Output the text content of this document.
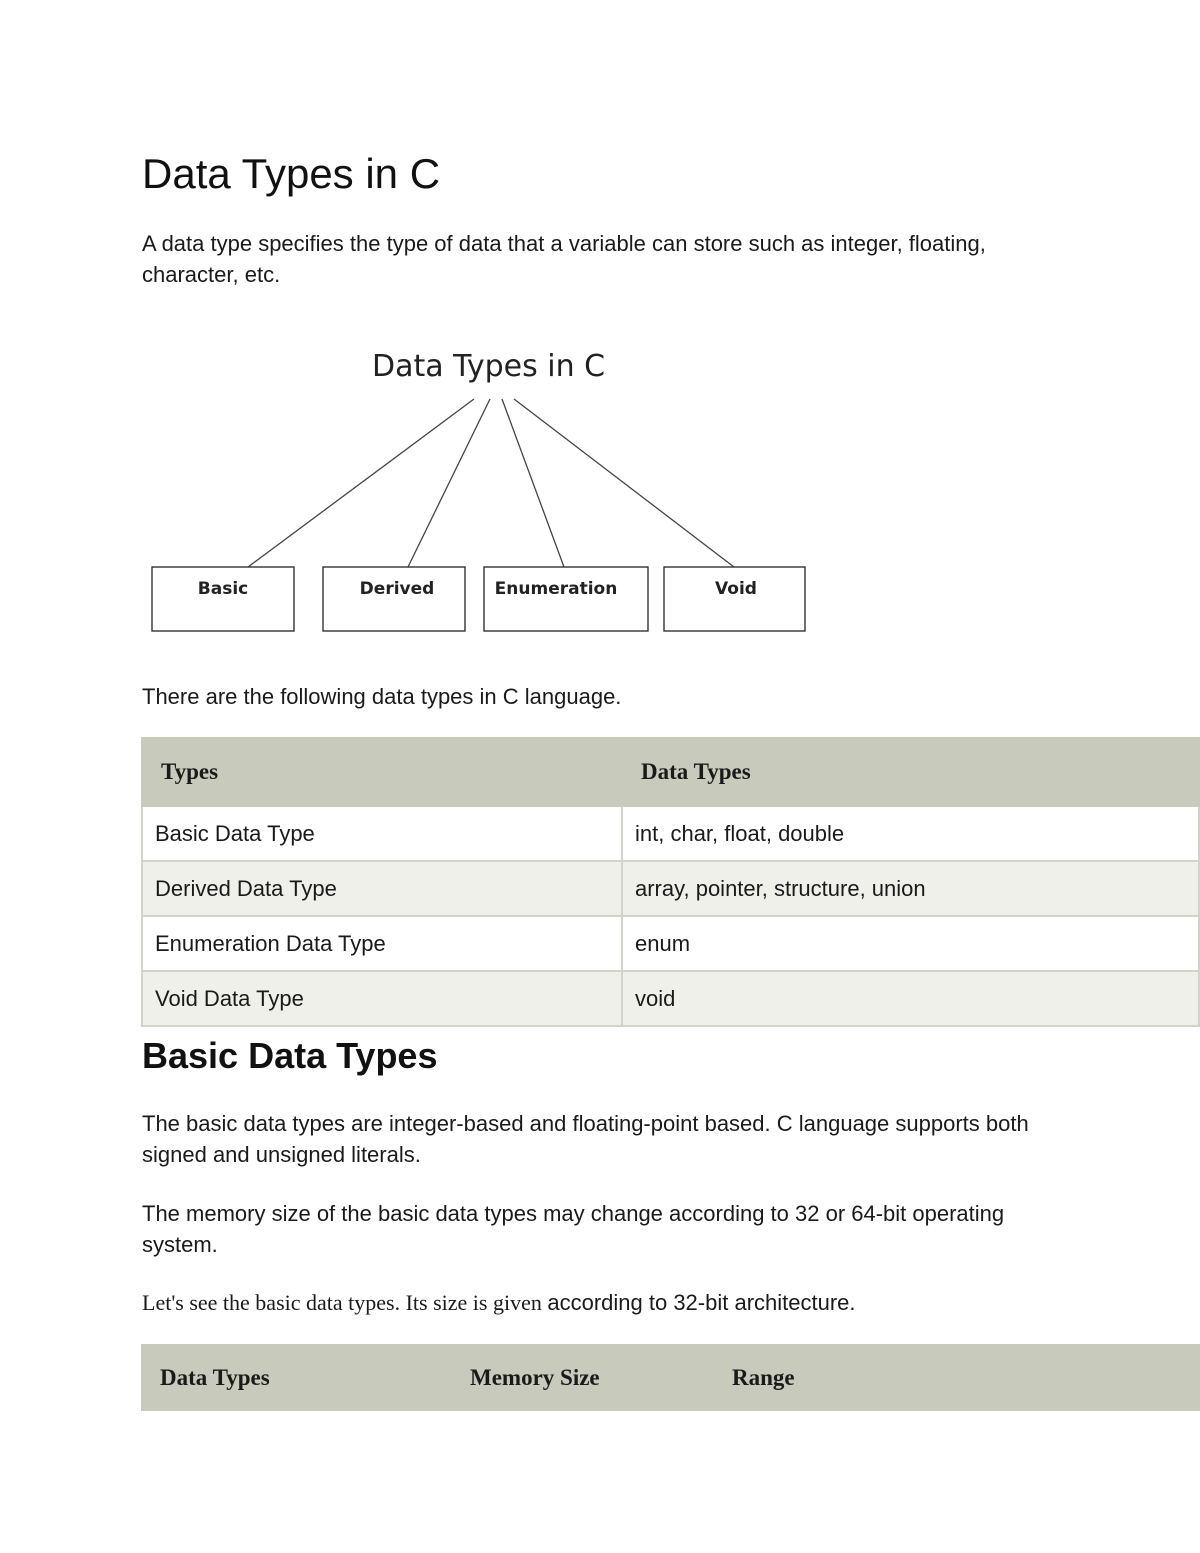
Data Types in C

A data type specifies the type of data that a variable can store such as integer, floating, character, etc.

Data Types in C
Basic	Derived	Enumeration	Void

There are the following data types in C language.

Types	Data Types
Basic Data Type	int, char, float, double
Derived Data Type	array, pointer, structure, union
Enumeration Data Type	enum
Void Data Type	void
Basic Data Types

The basic data types are integer-based and floating-point based. C language supports both signed and unsigned literals.

The memory size of the basic data types may change according to 32 or 64-bit operating system.

Let's see the basic data types. Its size is given according to 32-bit architecture.

Data Types	Memory Size	Range
